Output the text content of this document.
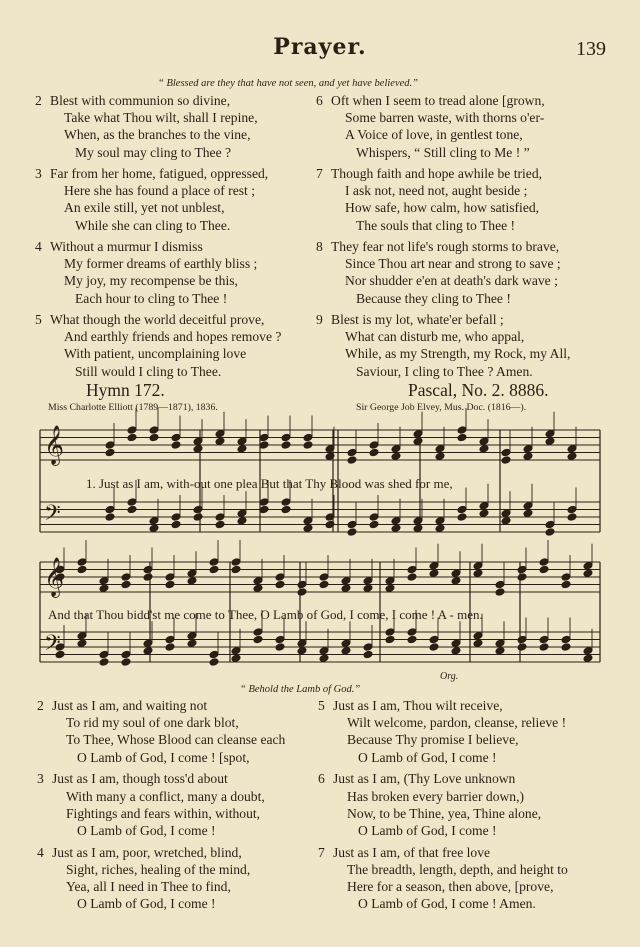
Prayer.	139
“ Blessed are they that have not seen, and yet have believed.”
2 Blest with communion so divine,
Take what Thou wilt, shall I repine,
When, as the branches to the vine,
My soul may cling to Thee ?
3 Far from her home, fatigued, oppressed,
Here she has found a place of rest ;
An exile still, yet not unblest,
While she can cling to Thee.
4 Without a murmur I dismiss
My former dreams of earthly bliss ;
My joy, my recompense be this,
Each hour to cling to Thee !
5 What though the world deceitful prove,
And earthly friends and hopes remove ?
With patient, uncomplaining love
Still would I cling to Thee.
6 Oft when I seem to tread alone [grown,
Some barren waste, with thorns o'er-
A Voice of love, in gentlest tone,
Whispers, “ Still cling to Me ! ”
7 Though faith and hope awhile be tried,
I ask not, need not, aught beside ;
How safe, how calm, how satisfied,
The souls that cling to Thee !
8 They fear not life's rough storms to brave,
Since Thou art near and strong to save ;
Nor shudder e'en at death's dark wave ;
Because they cling to Thee !
9 Blest is my lot, whate'er befall ;
What can disturb me, who appal,
While, as my Strength, my Rock, my All,
Saviour, I cling to Thee ? Amen.
Hymn 172.	Pascal, No. 2. 8886.
Miss Charlotte Elliott (1789—1871), 1836.	Sir George Job Elvey, Mus. Doc. (1816—).
𝄞
𝄢
𝄞
𝄢
1. Just as I am, with-out one plea But that Thy Blood was shed for me,
And that Thou bidd'st me come to Thee, O Lamb of God, I come, I come ! A - men.
Org.
“ Behold the Lamb of God.”
2 Just as I am, and waiting not
To rid my soul of one dark blot,
To Thee, Whose Blood can cleanse each
O Lamb of God, I come ! [spot,
3 Just as I am, though toss'd about
With many a conflict, many a doubt,
Fightings and fears within, without,
O Lamb of God, I come !
4 Just as I am, poor, wretched, blind,
Sight, riches, healing of the mind,
Yea, all I need in Thee to find,
O Lamb of God, I come !
5 Just as I am, Thou wilt receive,
Wilt welcome, pardon, cleanse, relieve !
Because Thy promise I believe,
O Lamb of God, I come !
6 Just as I am, (Thy Love unknown
Has broken every barrier down,)
Now, to be Thine, yea, Thine alone,
O Lamb of God, I come !
7 Just as I am, of that free love
The breadth, length, depth, and height to
Here for a season, then above, [prove,
O Lamb of God, I come ! Amen.
